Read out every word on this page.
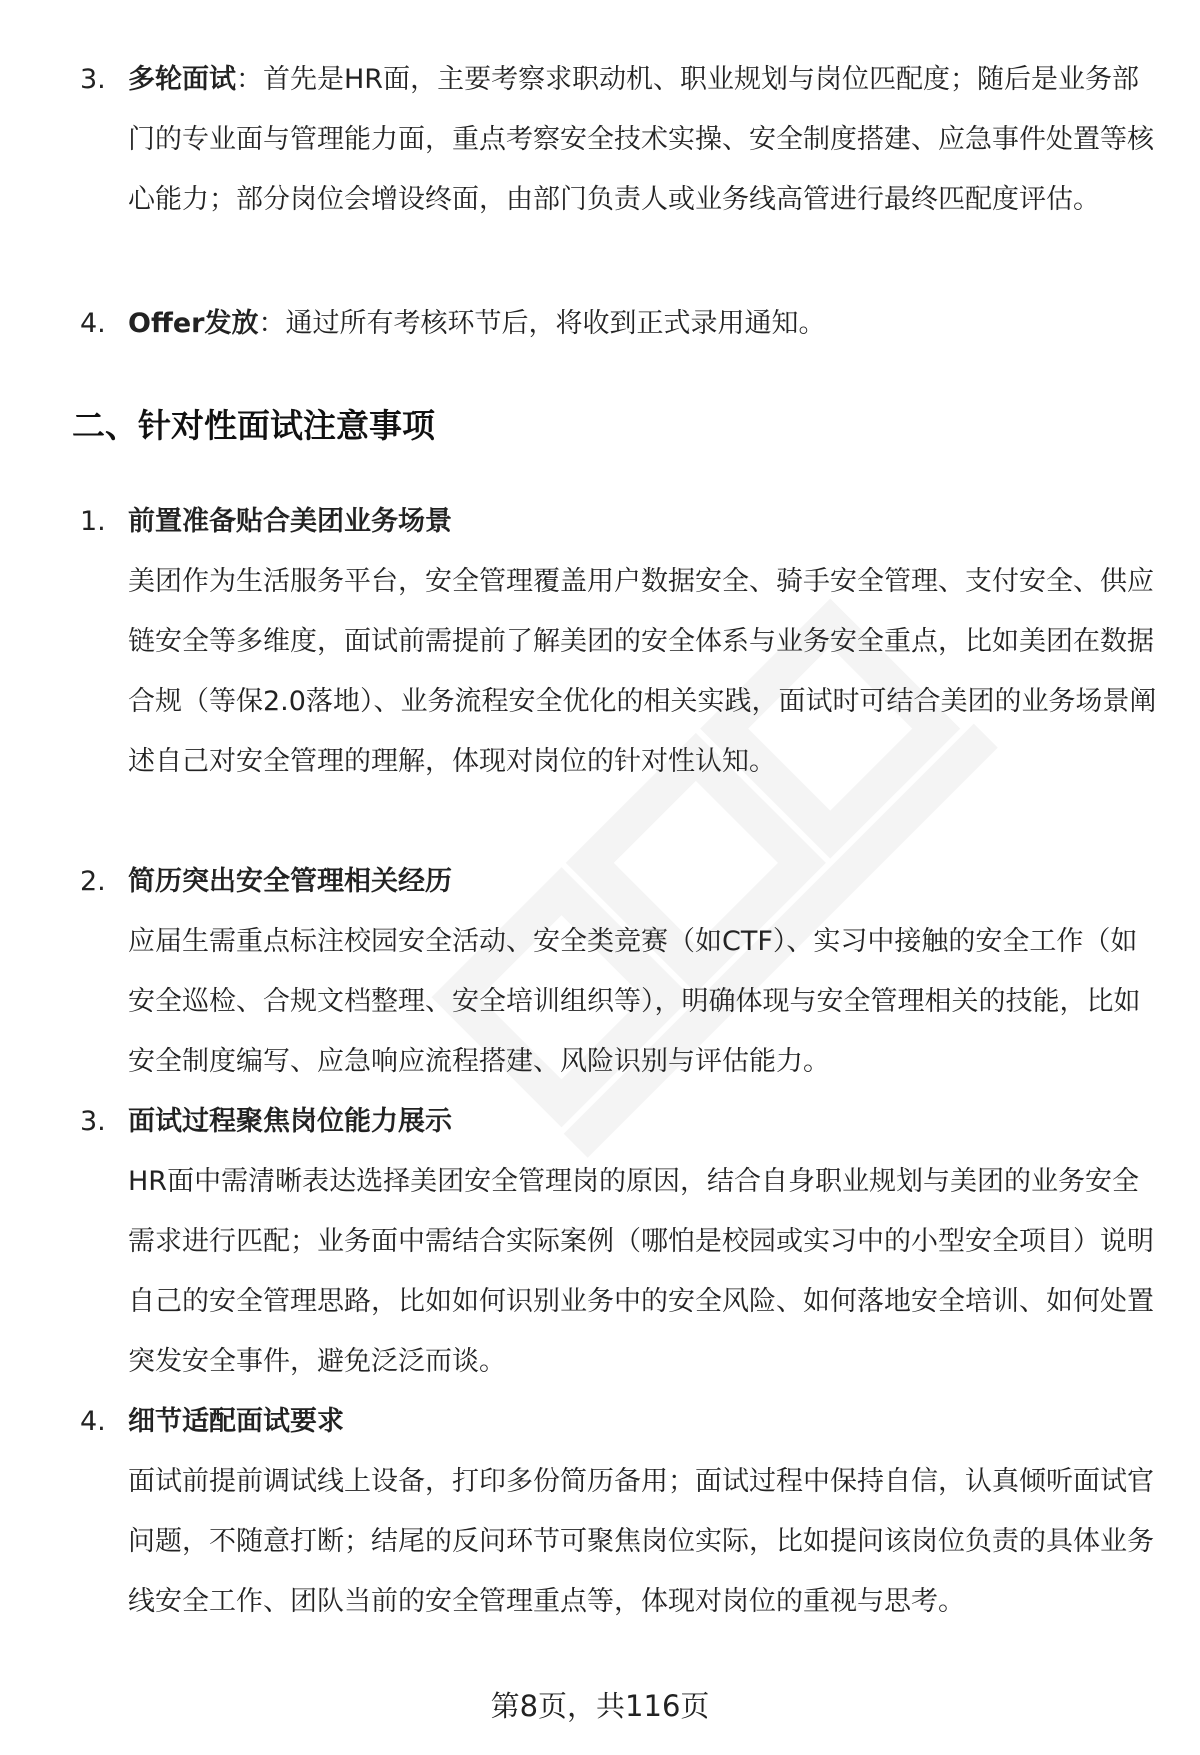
3. 多轮面试：首先是HR面，主要考察求职动机、职业规划与岗位匹配度；随后是业务部门的专业面与管理能力面，重点考察安全技术实操、安全制度搭建、应急事件处置等核心能力；部分岗位会增设终面，由部门负责人或业务线高管进行最终匹配度评估。
4. Offer发放：通过所有考核环节后，将收到正式录用通知。
二、针对性面试注意事项
1. 前置准备贴合美团业务场景
美团作为生活服务平台，安全管理覆盖用户数据安全、骑手安全管理、支付安全、供应链安全等多维度，面试前需提前了解美团的安全体系与业务安全重点，比如美团在数据合规（等保2.0落地）、业务流程安全优化的相关实践，面试时可结合美团的业务场景阐述自己对安全管理的理解，体现对岗位的针对性认知。
2. 简历突出安全管理相关经历
应届生需重点标注校园安全活动、安全类竞赛（如CTF）、实习中接触的安全工作（如安全巡检、合规文档整理、安全培训组织等），明确体现与安全管理相关的技能，比如安全制度编写、应急响应流程搭建、风险识别与评估能力。
3. 面试过程聚焦岗位能力展示
HR面中需清晰表达选择美团安全管理岗的原因，结合自身职业规划与美团的业务安全需求进行匹配；业务面中需结合实际案例（哪怕是校园或实习中的小型安全项目）说明自己的安全管理思路，比如如何识别业务中的安全风险、如何落地安全培训、如何处置突发安全事件，避免泛泛而谈。
4. 细节适配面试要求
面试前提前调试线上设备，打印多份简历备用；面试过程中保持自信，认真倾听面试官问题，不随意打断；结尾的反问环节可聚焦岗位实际，比如提问该岗位负责的具体业务线安全工作、团队当前的安全管理重点等，体现对岗位的重视与思考。
第8页，共116页
